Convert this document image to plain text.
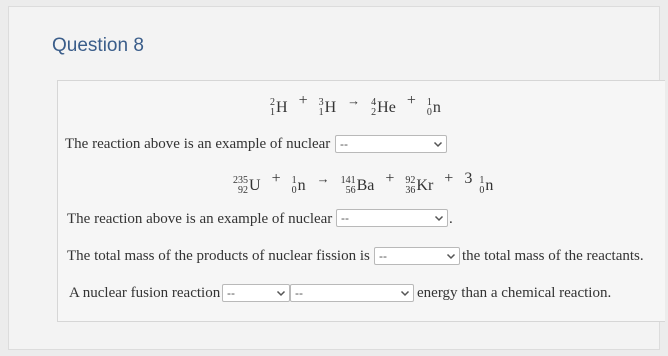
Question 8
2
1 H + 3
1 H → 4
2 He + 1
0 n
The reaction above is an example of nuclear --
235
92 U + 1
0 n → 141
56 Ba + 92
36 Kr + 3 1
0 n
The reaction above is an example of nuclear --	.
The total mass of the products of nuclear fission is --	the total mass of the reactants.
A nuclear fusion reaction --	--	energy than a chemical reaction.
